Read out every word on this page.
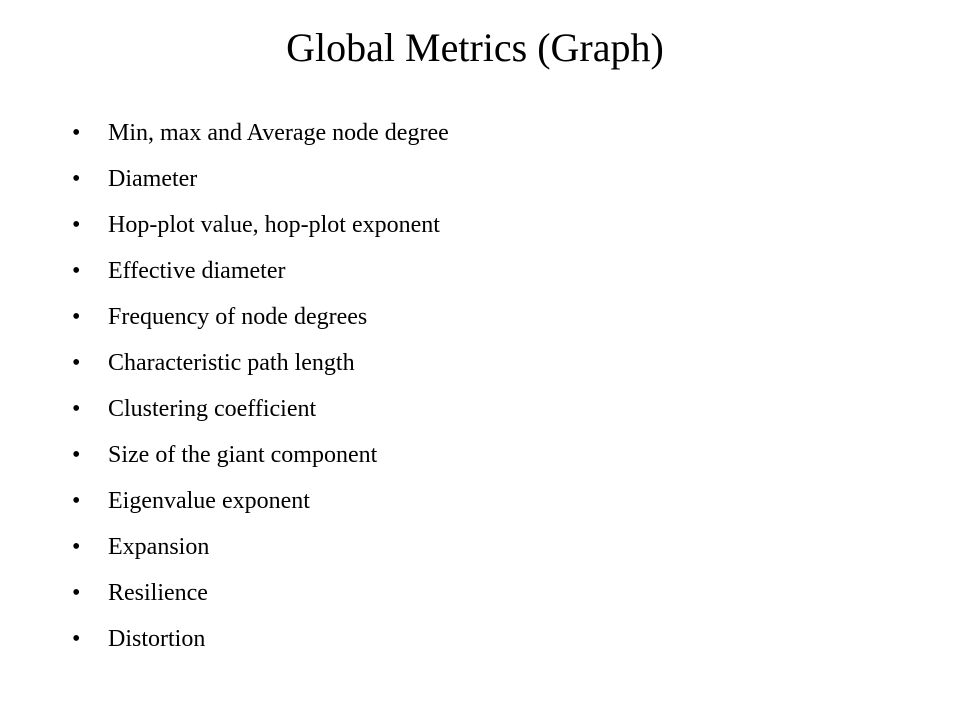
Global Metrics (Graph)
• Min, max and Average node degree
• Diameter
• Hop-plot value, hop-plot exponent
• Effective diameter
• Frequency of node degrees
• Characteristic path length
• Clustering coefficient
• Size of the giant component
• Eigenvalue exponent
• Expansion
• Resilience
• Distortion
